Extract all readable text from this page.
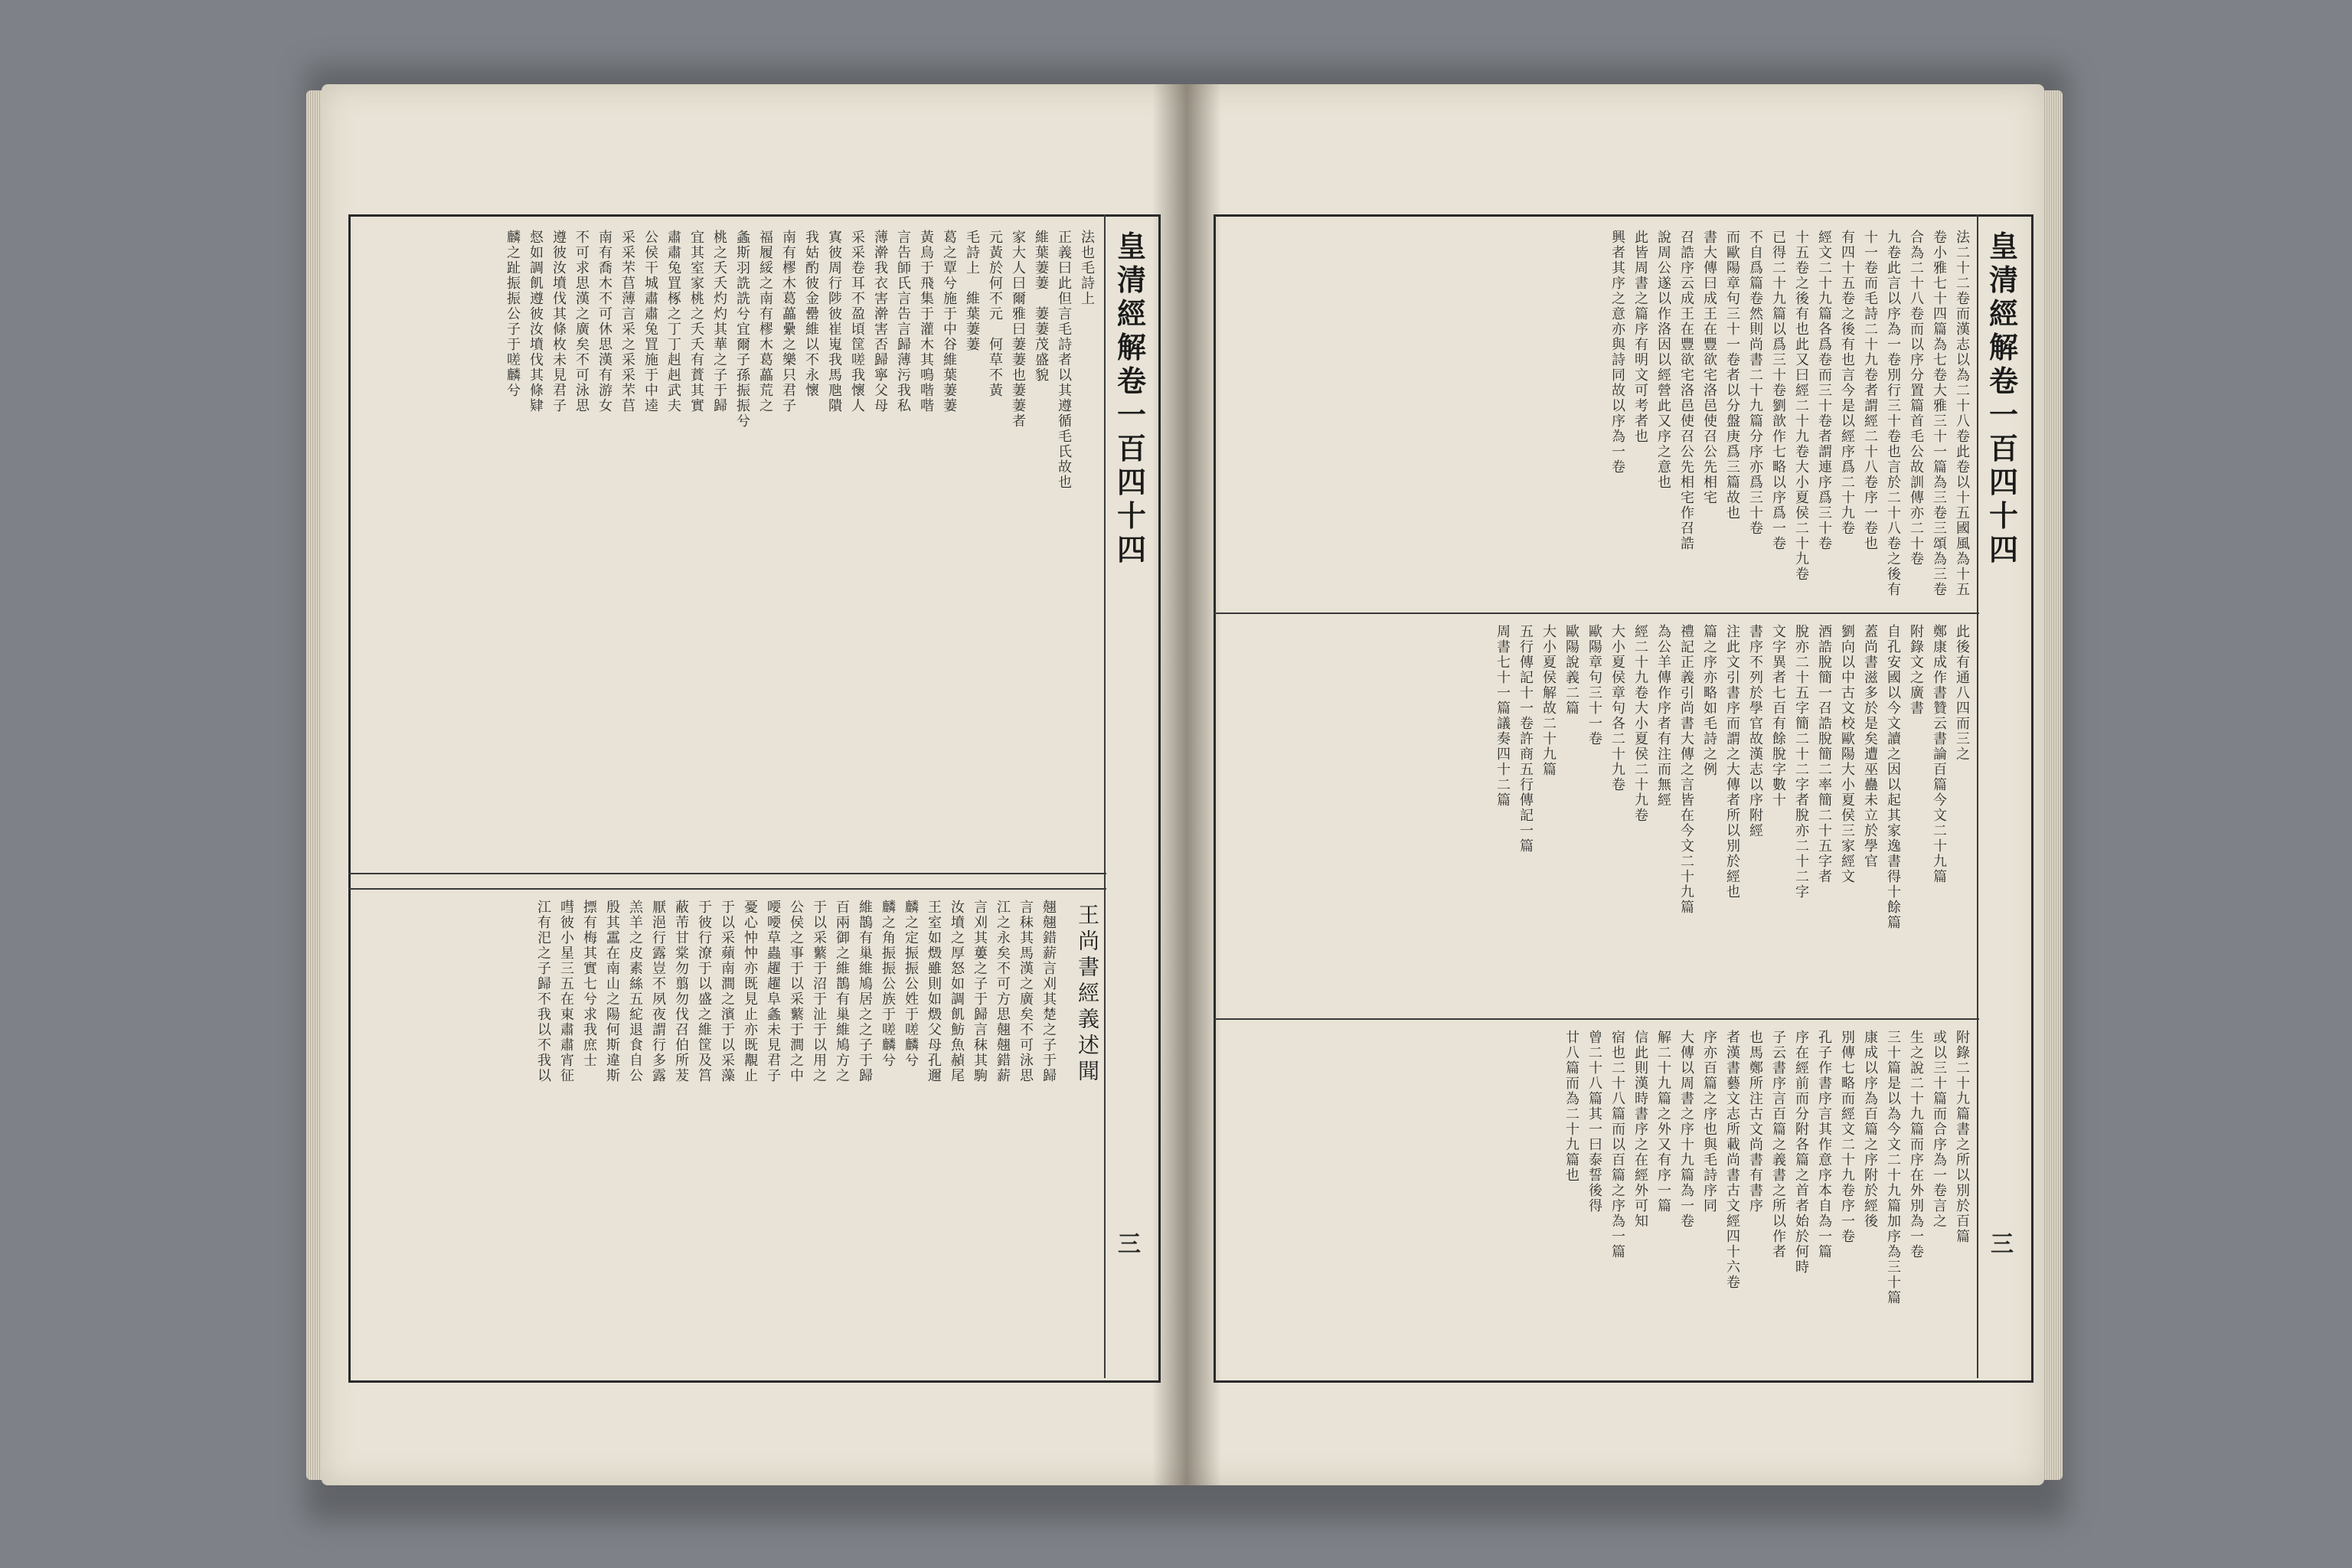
皇
清
經
解
卷
一
百
四
十
四
王尚書經義述聞
三
法也毛詩上
正義曰此但言毛詩者以其遵循毛氏故也
維葉萋萋　萋萋茂盛貌
家大人曰爾雅曰萋萋也萋萋者
元黃於何不元　何草不黃
毛詩上　維葉萋萋
葛之覃兮施于中谷維葉萋萋
黃鳥于飛集于灌木其鳴喈喈
言告師氏言告言歸薄污我私
薄澣我衣害澣害否歸寧父母
采采卷耳不盈頃筐嗟我懷人
寘彼周行陟彼崔嵬我馬虺隤
我姑酌彼金罍維以不永懷
南有樛木葛藟纍之樂只君子
福履綏之南有樛木葛藟荒之
螽斯羽詵詵兮宜爾子孫振振兮
桃之夭夭灼灼其華之子于歸
宜其室家桃之夭夭有蕡其實
肅肅兔罝椓之丁丁赳赳武夫
公侯干城肅肅兔罝施于中逵
采采芣苢薄言采之采采芣苢
南有喬木不可休思漢有游女
不可求思漢之廣矣不可泳思
遵彼汝墳伐其條枚未見君子
惄如調飢遵彼汝墳伐其條肄
麟之趾振振公子于嗟麟兮
翹翹錯薪言刈其楚之子于歸
言秣其馬漢之廣矣不可泳思
江之永矣不可方思翹翹錯薪
言刈其蔞之子于歸言秣其駒
汝墳之厚怒如調飢魴魚赬尾
王室如燬雖則如燬父母孔邇
麟之定振振公姓于嗟麟兮
麟之角振振公族于嗟麟兮
維鵲有巢維鳩居之之子于歸
百兩御之維鵲有巢維鳩方之
于以采蘩于沼于沚于以用之
公侯之事于以采蘩于澗之中
喓喓草蟲趯趯阜螽未見君子
憂心忡忡亦既見止亦既覯止
于以采蘋南澗之濱于以采藻
于彼行潦于以盛之維筐及筥
蔽芾甘棠勿翦勿伐召伯所茇
厭浥行露豈不夙夜謂行多露
羔羊之皮素絲五紽退食自公
殷其靁在南山之陽何斯違斯
摽有梅其實七兮求我庶士
嘒彼小星三五在東肅肅宵征
江有汜之子歸不我以不我以
皇
清
經
解
卷
一
百
四
十
四
三
法二十二卷而漢志以為二十八卷此卷以十五國風為十五
卷小雅七十四篇為七卷大雅三十一篇為三卷三頌為三卷
合為二十八卷而以序分置篇首毛公故訓傳亦二十卷
九卷此言以序為一卷別行三十卷也言於二十八卷之後有
十一卷而毛詩二十九卷者謂經二十八卷序一卷也
有四十五卷之後有也言今是以經序爲二十九卷
經文二十九篇各爲卷而三十卷者謂連序爲三十卷
十五卷之後有也此又曰經二十九卷大小夏侯二十九卷
已得二十九篇以爲三十卷劉歆作七略以序爲一卷
不自爲篇卷然則尚書二十九篇分序亦爲三十卷
而歐陽章句三十一卷者以分盤庚爲三篇故也
書大傳曰成王在豐欲宅洛邑使召公先相宅
召誥序云成王在豐欲宅洛邑使召公先相宅作召誥
說周公遂以作洛因以經營此又序之意也
此皆周書之篇序有明文可考者也
興者其序之意亦與詩同故以序為一卷
此後有通八四而三之
鄭康成作書贊云書論百篇今文二十九篇
附錄文之廣書
自孔安國以今文讀之因以起其家逸書得十餘篇
蓋尚書滋多於是矣遭巫蠱未立於學官
劉向以中古文校歐陽大小夏侯三家經文
酒誥脫簡一召誥脫簡二率簡二十五字者
脫亦二十五字簡二十二字者脫亦二十二字
文字異者七百有餘脫字數十
書序不列於學官故漢志以序附經
注此文引書序而謂之大傳者所以別於經也
篇之序亦略如毛詩之例
禮記正義引尚書大傳之言皆在今文二十九篇
為公羊傳作序者有注而無經
經二十九卷大小夏侯二十九卷
大小夏侯章句各二十九卷
歐陽章句三十一卷
歐陽說義二篇
大小夏侯解故二十九篇
五行傳記十一卷許商五行傳記一篇
周書七十一篇議奏四十二篇
附錄二十九篇書之所以別於百篇
或以三十篇而合序為一卷言之
生之說二十九篇而序在外別為一卷
三十篇是以為今文二十九篇加序為三十篇
康成以序為百篇之序附於經後
別傳七略而經文二十九卷序一卷
孔子作書序言其作意序本自為一篇
序在經前而分附各篇之首者始於何時
子云書序言百篇之義書之所以作者
也馬鄭所注古文尚書有書序
者漢書藝文志所載尚書古文經四十六卷
序亦百篇之序也與毛詩序同
大傳以周書之序十九篇為一卷
解二十九篇之外又有序一篇
信此則漢時書序之在經外可知
宿也二十八篇而以百篇之序為一篇
曾二十八篇其一曰泰誓後得
廿八篇而為二十九篇也
